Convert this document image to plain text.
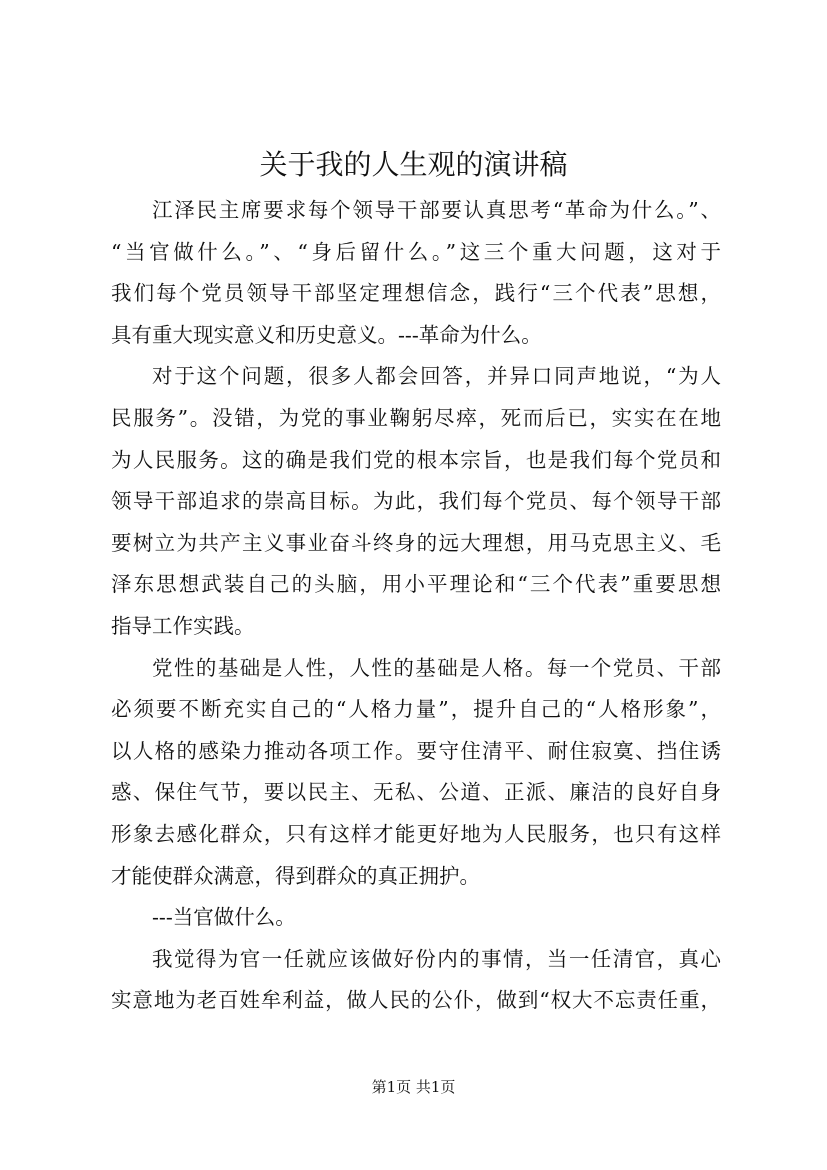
关于我的人生观的演讲稿
江泽民主席要求每个领导干部要认真思考“革命为什么。”、
“当官做什么。”、“身后留什么。”这三个重大问题，这对于
我们每个党员领导干部坚定理想信念，践行“三个代表”思想，
具有重大现实意义和历史意义。---革命为什么。
对于这个问题，很多人都会回答，并异口同声地说，“为人
民服务”。没错，为党的事业鞠躬尽瘁，死而后已，实实在在地
为人民服务。这的确是我们党的根本宗旨，也是我们每个党员和
领导干部追求的崇高目标。为此，我们每个党员、每个领导干部
要树立为共产主义事业奋斗终身的远大理想，用马克思主义、毛
泽东思想武装自己的头脑，用小平理论和“三个代表”重要思想
指导工作实践。
党性的基础是人性，人性的基础是人格。每一个党员、干部
必须要不断充实自己的“人格力量”，提升自己的“人格形象”，
以人格的感染力推动各项工作。要守住清平、耐住寂寞、挡住诱
惑、保住气节，要以民主、无私、公道、正派、廉洁的良好自身
形象去感化群众，只有这样才能更好地为人民服务，也只有这样
才能使群众满意，得到群众的真正拥护。
---当官做什么。
我觉得为官一任就应该做好份内的事情，当一任清官，真心
实意地为老百姓牟利益，做人民的公仆，做到“权大不忘责任重，
第1页 共1页
